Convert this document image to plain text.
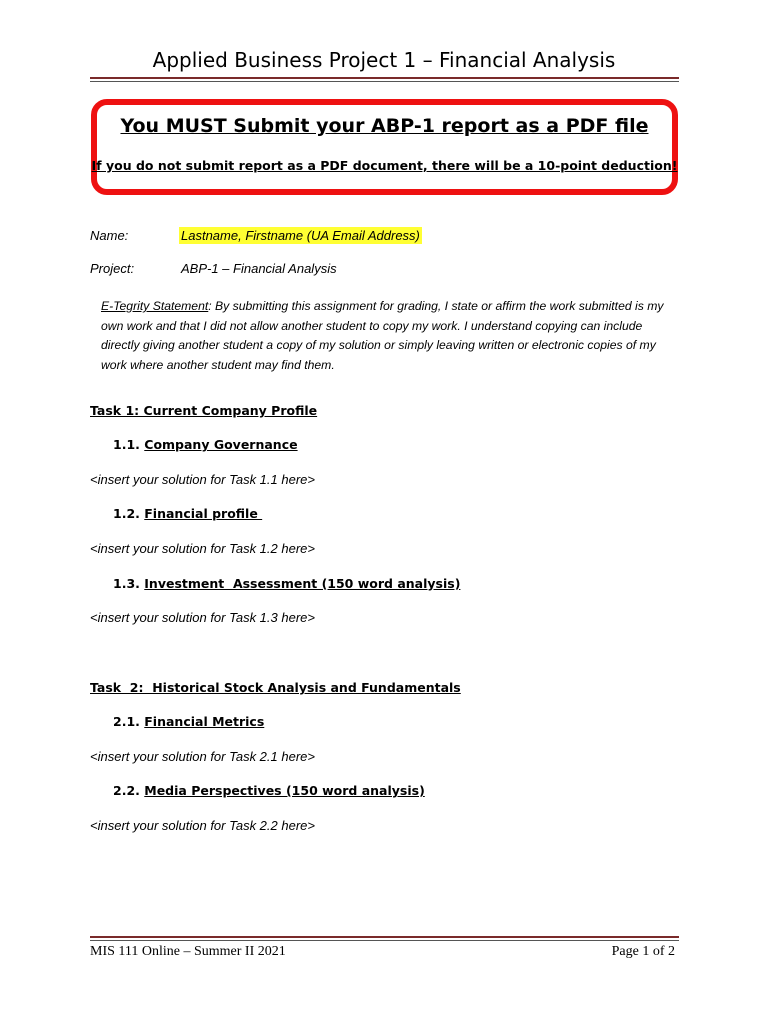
Applied Business Project 1 – Financial Analysis
You MUST Submit your ABP-1 report as a PDF file
If you do not submit report as a PDF document, there will be a 10-point deduction!
Name:	Lastname, Firstname (UA Email Address)
Project:	ABP-1 – Financial Analysis
E-Tegrity Statement: By submitting this assignment for grading, I state or affirm the work submitted is my own work and that I did not allow another student to copy my work. I understand copying can include directly giving another student a copy of my solution or simply leaving written or electronic copies of my work where another student may find them.
Task 1: Current Company Profile
1.1. Company Governance
<insert your solution for Task 1.1 here>
1.2. Financial profile
<insert your solution for Task 1.2 here>
1.3. Investment  Assessment (150 word analysis)
<insert your solution for Task 1.3 here>
Task  2:  Historical Stock Analysis and Fundamentals
2.1. Financial Metrics
<insert your solution for Task 2.1 here>
2.2. Media Perspectives (150 word analysis)
<insert your solution for Task 2.2 here>
MIS 111 Online – Summer II 2021	Page 1 of 2
